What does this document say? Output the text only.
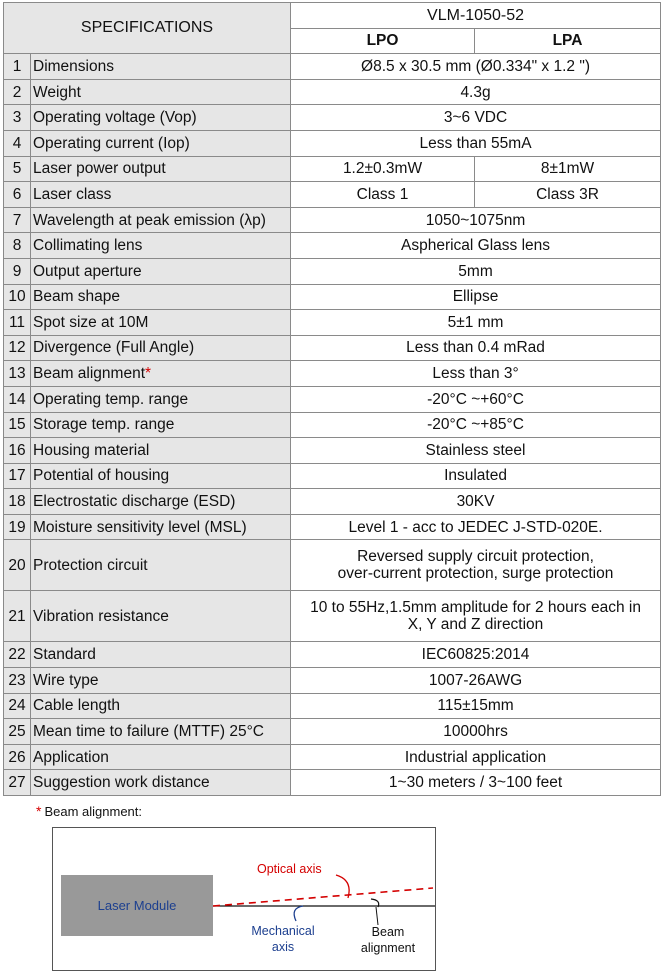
SPECIFICATIONS		VLM-1050-52	
		LPO	LPA
1	Dimensions	Ø8.5 x 30.5 mm (Ø0.334" x 1.2 ")	
2	Weight	4.3g	
3	Operating voltage (Vop)	3~6 VDC	
4	Operating current (Iop)	Less than 55mA	
5	Laser power output	1.2±0.3mW	8±1mW
6	Laser class	Class 1	Class 3R
7	Wavelength at peak emission (λp)	1050~1075nm	
8	Collimating lens	Aspherical Glass lens	
9	Output aperture	5mm	
10	Beam shape	Ellipse	
11	Spot size at 10M	5±1 mm	
12	Divergence (Full Angle)	Less than 0.4 mRad	
13	Beam alignment*	Less than 3°	
14	Operating temp. range	-20°C ~+60°C	
15	Storage temp. range	-20°C ~+85°C	
16	Housing material	Stainless steel	
17	Potential of housing	Insulated	
18	Electrostatic discharge (ESD)	30KV	
19	Moisture sensitivity level (MSL)	Level 1 - acc to JEDEC J-STD-020E.	
20	Protection circuit	Reversed supply circuit protection,
over-current protection, surge protection	

21	Vibration resistance	10 to 55Hz,1.5mm amplitude for 2 hours each in
X, Y and Z direction	

22	Standard	IEC60825:2014	
23	Wire type	1007-26AWG	
24	Cable length	115±15mm	
25	Mean time to failure (MTTF) 25°C	10000hrs	
26	Application	Industrial application	
27	Suggestion work distance	1~30 meters / 3~100 feet	
* Beam alignment:
Laser Module
Optical axis
Mechanical
axis
Beam
alignment
